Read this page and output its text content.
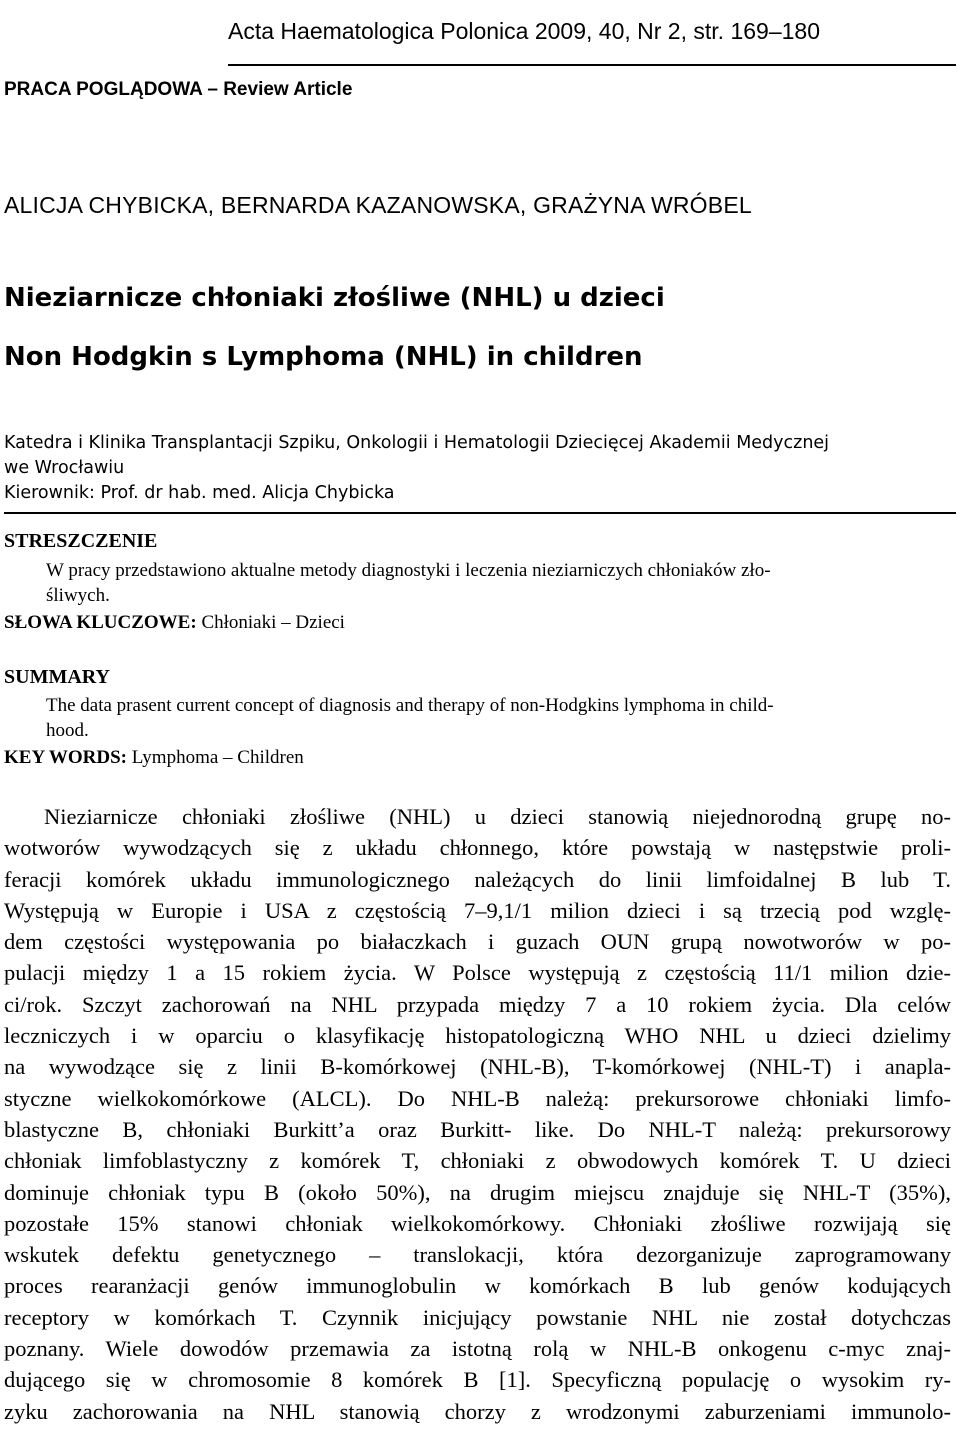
Acta Haematologica Polonica 2009, 40, Nr 2, str. 169–180
PRACA POGLĄDOWA – Review Article
ALICJA CHYBICKA, BERNARDA KAZANOWSKA, GRAŻYNA WRÓBEL
Nieziarnicze chłoniaki złośliwe (NHL) u dzieci
Non Hodgkin s Lymphoma (NHL) in children
Katedra i Klinika Transplantacji Szpiku, Onkologii i Hematologii Dziecięcej Akademii Medycznej
we Wrocławiu
Kierownik: Prof. dr hab. med. Alicja Chybicka
STRESZCZENIE
W pracy przedstawiono aktualne metody diagnostyki i leczenia nieziarniczych chłoniaków zło-
śliwych.
SŁOWA KLUCZOWE: Chłoniaki – Dzieci
SUMMARY
The data prasent current concept of diagnosis and therapy of non-Hodgkins lymphoma in child-
hood.
KEY WORDS: Lymphoma – Children
Nieziarnicze chłoniaki złośliwe (NHL) u dzieci stanowią niejednorodną grupę no-
wotworów wywodzących się z układu chłonnego, które powstają w następstwie proli-
feracji komórek układu immunologicznego należących do linii limfoidalnej B lub T.
Występują w Europie i USA z częstością 7–9,1/1 milion dzieci i są trzecią pod wzglę-
dem częstości występowania po białaczkach i guzach OUN grupą nowotworów w po-
pulacji między 1 a 15 rokiem życia. W Polsce występują z częstością 11/1 milion dzie-
ci/rok. Szczyt zachorowań na NHL przypada między 7 a 10 rokiem życia. Dla celów
leczniczych i w oparciu o klasyfikację histopatologiczną WHO NHL u dzieci dzielimy
na wywodzące się z linii B-komórkowej (NHL-B), T-komórkowej (NHL-T) i anapla-
styczne wielkokomórkowe (ALCL). Do NHL-B należą: prekursorowe chłoniaki limfo-
blastyczne B, chłoniaki Burkitt’a oraz Burkitt- like. Do NHL-T należą: prekursorowy
chłoniak limfoblastyczny z komórek T, chłoniaki z obwodowych komórek T. U dzieci
dominuje chłoniak typu B (około 50%), na drugim miejscu znajduje się NHL-T (35%),
pozostałe 15% stanowi chłoniak wielkokomórkowy. Chłoniaki złośliwe rozwijają się
wskutek defektu genetycznego – translokacji, która dezorganizuje zaprogramowany
proces rearanżacji genów immunoglobulin w komórkach B lub genów kodujących
receptory w komórkach T. Czynnik inicjujący powstanie NHL nie został dotychczas
poznany. Wiele dowodów przemawia za istotną rolą w NHL-B onkogenu c-myc znaj-
dującego się w chromosomie 8 komórek B [1]. Specyficzną populację o wysokim ry-
zyku zachorowania na NHL stanowią chorzy z wrodzonymi zaburzeniami immunolo-
